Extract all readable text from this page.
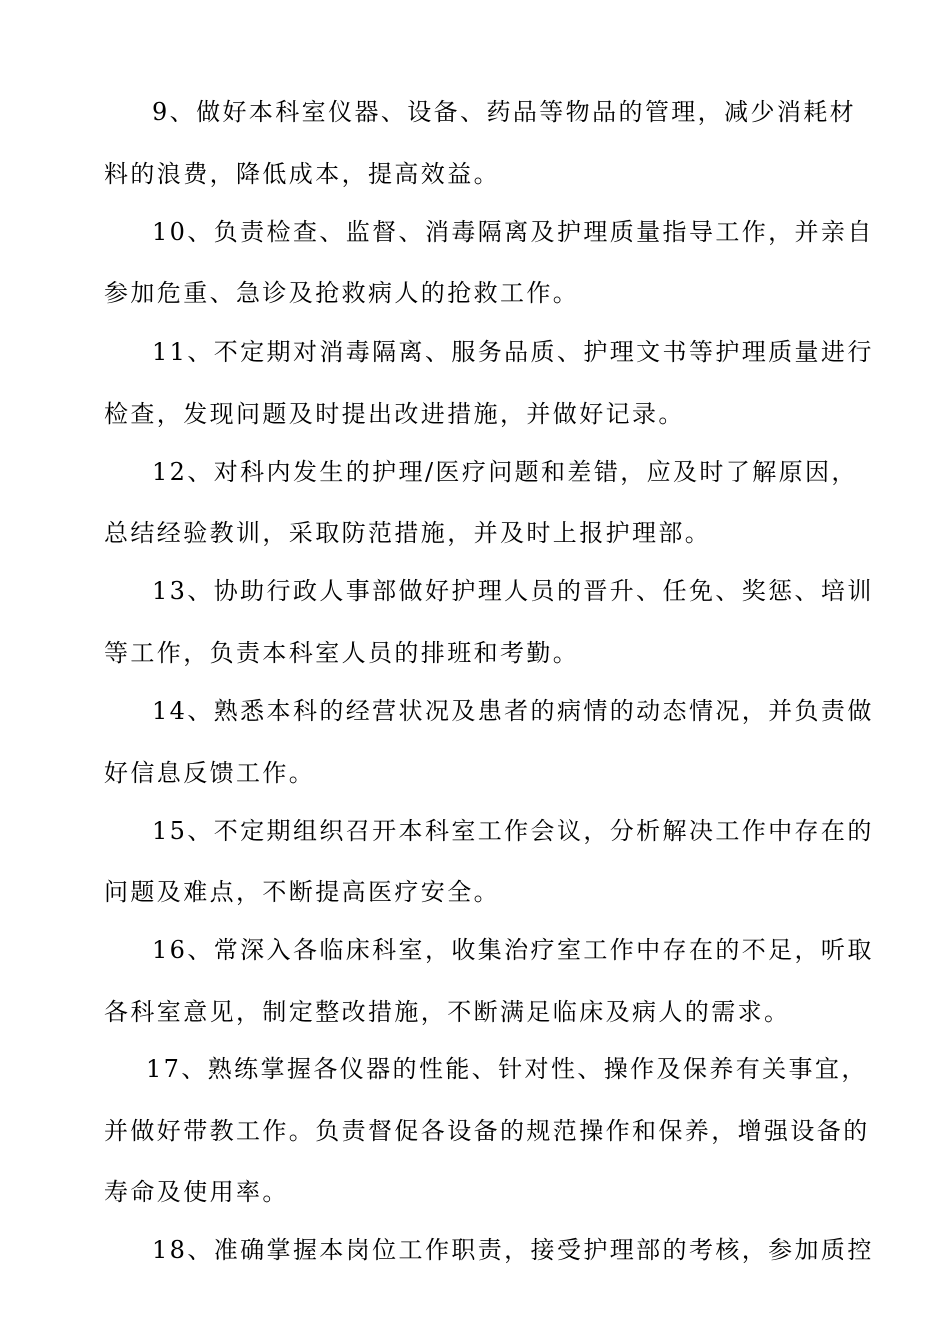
9、做好本科室仪器、设备、药品等物品的管理，减少消耗材
料的浪费，降低成本，提高效益。
10、负责检查、监督、消毒隔离及护理质量指导工作，并亲自
参加危重、急诊及抢救病人的抢救工作。
11、不定期对消毒隔离、服务品质、护理文书等护理质量进行
检查，发现问题及时提出改进措施，并做好记录。
12、对科内发生的护理/医疗问题和差错，应及时了解原因，
总结经验教训，采取防范措施，并及时上报护理部。
13、协助行政人事部做好护理人员的晋升、任免、奖惩、培训
等工作，负责本科室人员的排班和考勤。
14、熟悉本科的经营状况及患者的病情的动态情况，并负责做
好信息反馈工作。
15、不定期组织召开本科室工作会议，分析解决工作中存在的
问题及难点，不断提高医疗安全。
16、常深入各临床科室，收集治疗室工作中存在的不足，听取
各科室意见，制定整改措施，不断满足临床及病人的需求。
17、熟练掌握各仪器的性能、针对性、操作及保养有关事宜，
并做好带教工作。负责督促各设备的规范操作和保养，增强设备的
寿命及使用率。
18、准确掌握本岗位工作职责，接受护理部的考核，参加质控
